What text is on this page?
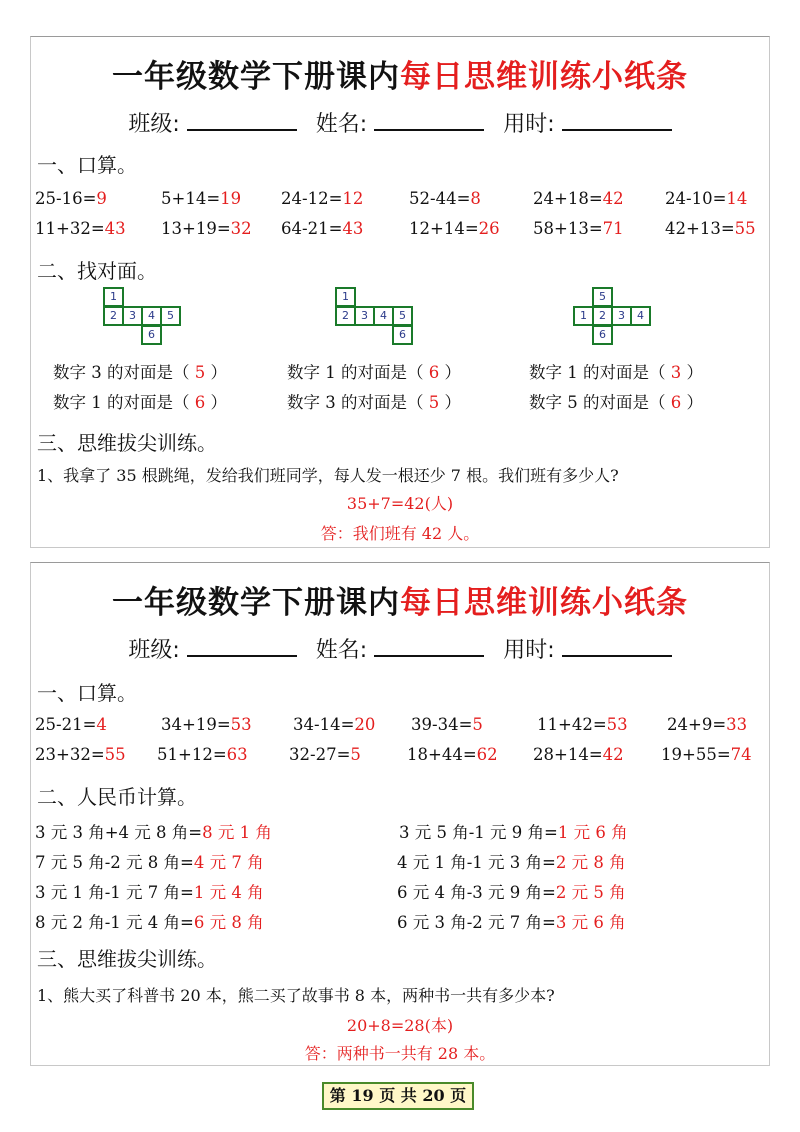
一年级数学下册课内每日思维训练小纸条
班级:	姓名:	用时:
一、口算。
25-16=9	5+14=19 24-12=12	52-44=8	24+18=42	24-10=14
11+32=43 13+19=32 64-21=43	12+14=26 58+13=71	42+13=55
二、找对面。
1
2	3	4	5
6
1
2	3	4	5
6
5
1	2	3	4
6
数字 3 的对面是（ 5 ）	数字 1 的对面是（ 6 ）	数字 1 的对面是（ 3 ）
数字 1 的对面是（ 6 ）	数字 3 的对面是（ 5 ）	数字 5 的对面是（ 6 ）
三、思维拔尖训练。
1、我拿了 35 根跳绳，发给我们班同学，每人发一根还少 7 根。我们班有多少人?
35+7=42(人)
答：我们班有 42 人。
一年级数学下册课内每日思维训练小纸条
班级:	姓名:	用时:
一、口算。
25-21=4	34+19=53	34-14=20 39-34=5	11+42=53 24+9=33
23+32=55 51+12=63	32-27=5	18+44=62 28+14=42 19+55=74
二、人民币计算。
3 元 3 角+4 元 8 角=8 元 1 角	3 元 5 角-1 元 9 角=1 元 6 角
7 元 5 角-2 元 8 角=4 元 7 角	4 元 1 角-1 元 3 角=2 元 8 角
3 元 1 角-1 元 7 角=1 元 4 角	6 元 4 角-3 元 9 角=2 元 5 角
8 元 2 角-1 元 4 角=6 元 8 角	6 元 3 角-2 元 7 角=3 元 6 角
三、思维拔尖训练。
1、熊大买了科普书 20 本，熊二买了故事书 8 本，两种书一共有多少本?
20+8=28(本)
答：两种书一共有 28 本。
第 19 页 共 20 页
